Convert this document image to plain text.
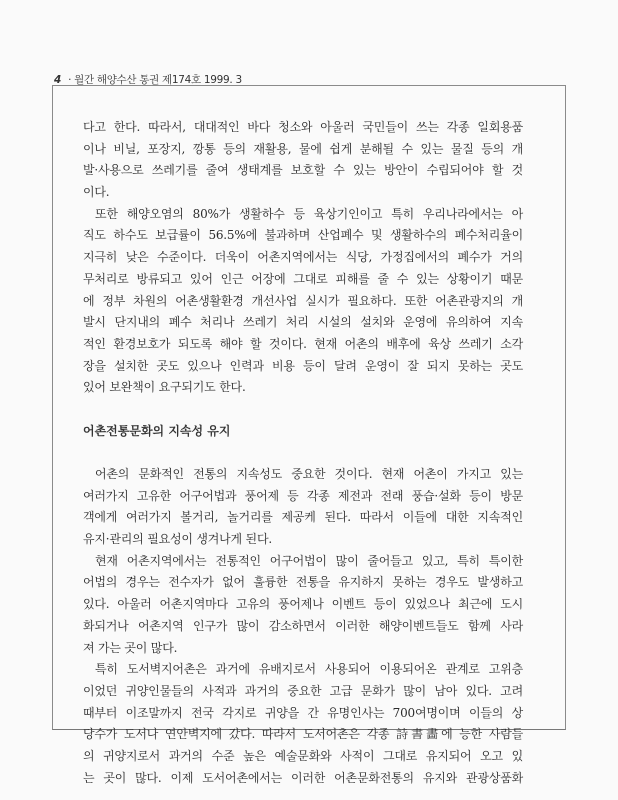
4 · 월간 해양수산 통권 제174호 1999. 3
다고 한다. 따라서, 대대적인 바다 청소와 아울러 국민들이 쓰는 각종 일회용품
이나 비닐, 포장지, 깡통 등의 재활용, 물에 쉽게 분해될 수 있는 물질 등의 개
발·사용으로 쓰레기를 줄여 생태계를 보호할 수 있는 방안이 수립되어야 할 것
이다.
또한 해양오염의 80%가 생활하수 등 육상기인이고 특히 우리나라에서는 아
직도 하수도 보급률이 56.5%에 불과하며 산업폐수 및 생활하수의 폐수처리율이
지극히 낮은 수준이다. 더욱이 어촌지역에서는 식당, 가정집에서의 폐수가 거의
무처리로 방류되고 있어 인근 어장에 그대로 피해를 줄 수 있는 상황이기 때문
에 정부 차원의 어촌생활환경 개선사업 실시가 필요하다. 또한 어촌관광지의 개
발시 단지내의 폐수 처리나 쓰레기 처리 시설의 설치와 운영에 유의하여 지속
적인 환경보호가 되도록 해야 할 것이다. 현재 어촌의 배후에 육상 쓰레기 소각
장을 설치한 곳도 있으나 인력과 비용 등이 달려 운영이 잘 되지 못하는 곳도
있어 보완책이 요구되기도 한다.
어촌전통문화의 지속성 유지
어촌의 문화적인 전통의 지속성도 중요한 것이다. 현재 어촌이 가지고 있는
여러가지 고유한 어구어법과 풍어제 등 각종 제전과 전래 풍습·설화 등이 방문
객에게 여러가지 볼거리, 놀거리를 제공케 된다. 따라서 이들에 대한 지속적인
유지·관리의 필요성이 생겨나게 된다.
현재 어촌지역에서는 전통적인 어구어법이 많이 줄어들고 있고, 특히 특이한
어법의 경우는 전수자가 없어 훌륭한 전통을 유지하지 못하는 경우도 발생하고
있다. 아울러 어촌지역마다 고유의 풍어제나 이벤트 등이 있었으나 최근에 도시
화되거나 어촌지역 인구가 많이 감소하면서 이러한 해양이벤트들도 함께 사라
져 가는 곳이 많다.
특히 도서벽지어촌은 과거에 유배지로서 사용되어 이용되어온 관계로 고위층
이었던 귀양인물들의 사적과 과거의 중요한 고급 문화가 많이 남아 있다. 고려
때부터 이조말까지 전국 각지로 귀양을 간 유명인사는 700여명이며 이들의 상
당수가 도서나 연안벽지에 갔다. 따라서 도서어촌은 각종 詩書畵에 능한 사람들
의 귀양지로서 과거의 수준 높은 예술문화와 사적이 그대로 유지되어 오고 있
는 곳이 많다. 이제 도서어촌에서는 이러한 어촌문화전통의 유지와 관광상품화
